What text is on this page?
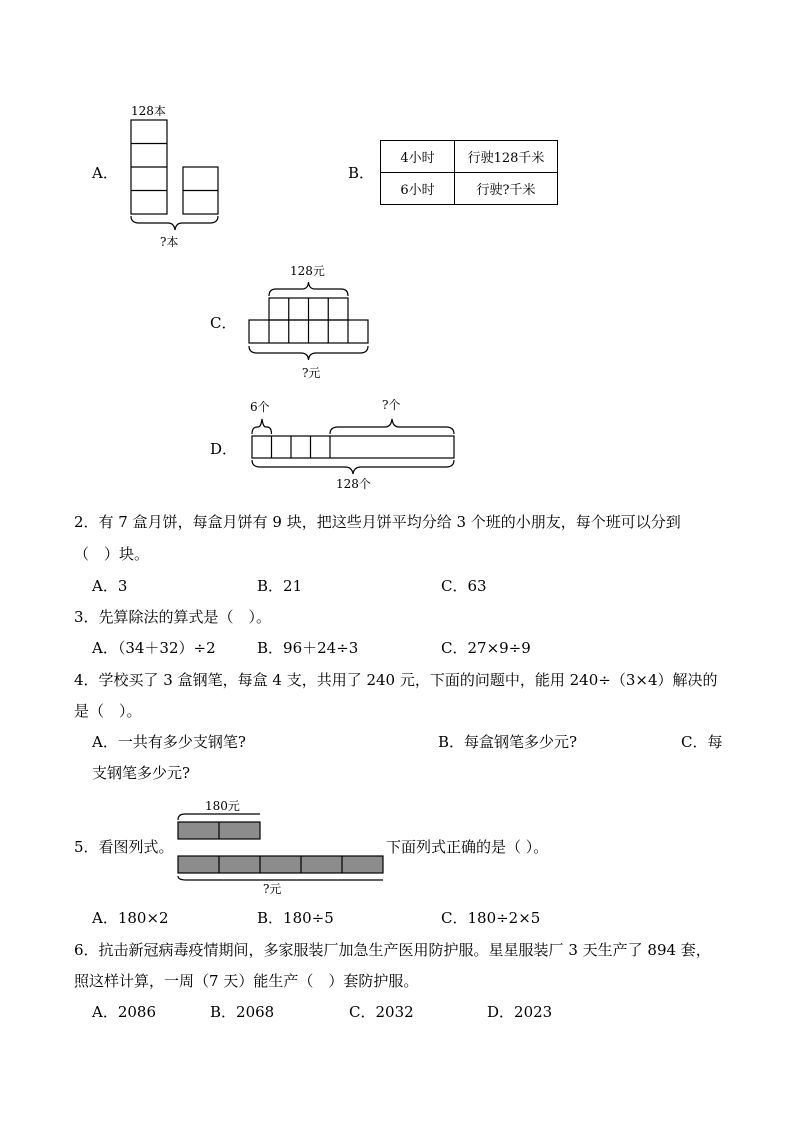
A．
128本
?本
B．
4小时	行驶128千米
6小时	行驶?千米
C．
128元
?元
D．
6个	?个
128个
2．有 7 盒月饼，每盒月饼有 9 块，把这些月饼平均分给 3 个班的小朋友，每个班可以分到
（　）块。
A．3	B．21	C．63
3．先算除法的算式是（　）。
A．（34＋32）÷2	B．96＋24÷3	C．27×9÷9
4．学校买了 3 盒钢笔，每盒 4 支，共用了 240 元，下面的问题中，能用 240÷（3×4）解决的
是（　）。
A．一共有多少支钢笔?	B．每盒钢笔多少元?	C．每
支钢笔多少元?
5．看图列式。	下面列式正确的是（ ）。
180元
?元
A．180×2	B．180÷5	C．180÷2×5
6．抗击新冠病毒疫情期间，多家服装厂加急生产医用防护服。星星服装厂 3 天生产了 894 套，
照这样计算，一周（7 天）能生产（　）套防护服。
A．2086	B．2068	C．2032	D．2023
